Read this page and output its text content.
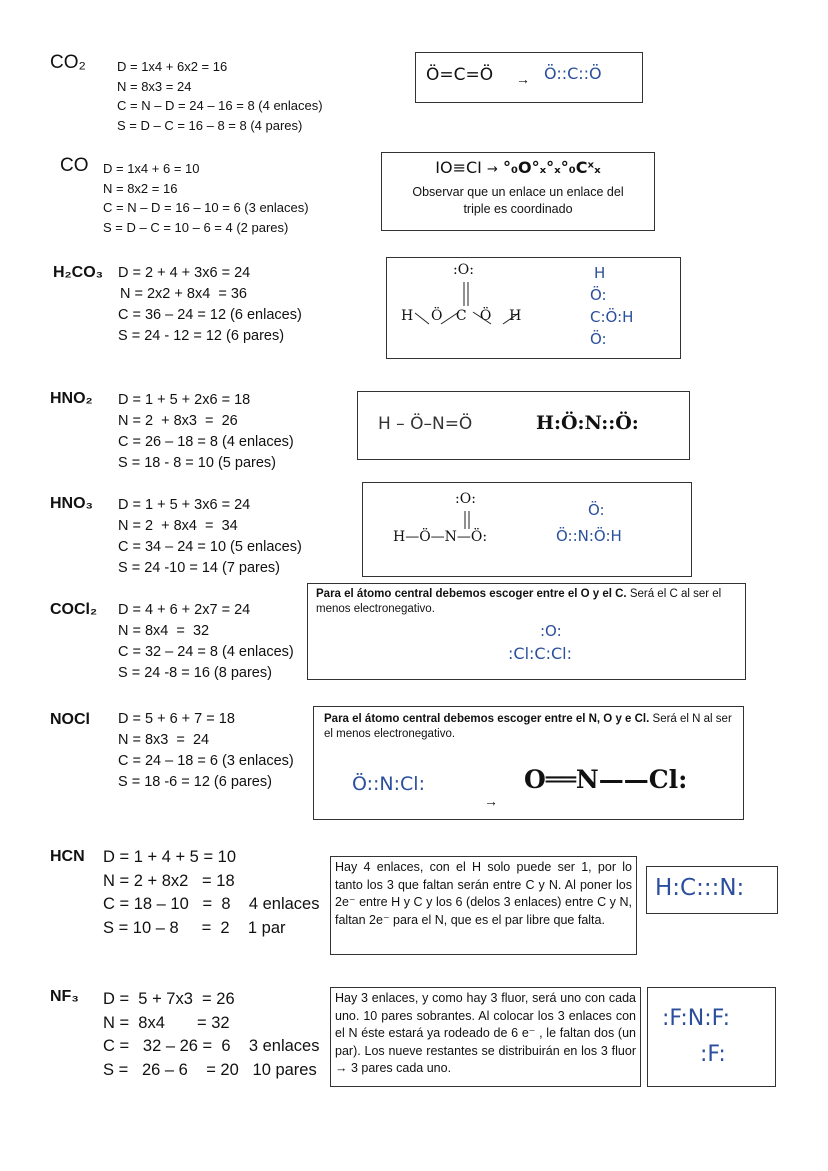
CO₂ D = 1x4 + 6x2 = 16
N = 8x3 = 24
C = N – D = 24 – 16 = 8 (4 enlaces)
S = D – C = 16 – 8 = 8 (4 pares)
Ö=C=Ö → Ö::C::Ö
CO D = 1x4 + 6 = 10
N = 8x2 = 16
C = N – D = 16 – 10 = 6 (3 enlaces)
S = D – C = 10 – 6 = 4 (2 pares)
IO≡CI → °₀O°ₓ°ₓ°₀Cˣₓ
Observar que un enlace un enlace del triple es coordinado
H₂CO₃ D = 2 + 4 + 3x6 = 24
N = 2x2 + 8x4  = 36
C = 36 – 24 = 12 (6 enlaces)
S = 24 - 12 = 12 (6 pares)
:O:
H    Ö   C   Ö    H
H
Ö:
C:Ö:H
Ö:
HNO₂ D = 1 + 5 + 2x6 = 18
N = 2  + 8x3  =  26
C = 26 – 18 = 8 (4 enlaces)
S = 18 - 8 = 10 (5 pares)
H – Ö–N=Ö	H:Ö:N::Ö:
HNO₃ D = 1 + 5 + 3x6 = 24
N = 2  + 8x4  =  34
C = 34 – 24 = 10 (5 enlaces)
S = 24 -10 = 14 (7 pares)
:O:
H—Ö—N—Ö:
Ö:
Ö::N:Ö:H
COCl₂ D = 4 + 6 + 2x7 = 24
N = 8x4  =  32
C = 32 – 24 = 8 (4 enlaces)
S = 24 -8 = 16 (8 pares)
Para el átomo central debemos escoger entre el O y el C. Será el C al ser el menos electronegativo.
:O:
:Cl:C:Cl:
NOCl D = 5 + 6 + 7 = 18
N = 8x3  =  24
C = 24 – 18 = 6 (3 enlaces)
S = 18 -6 = 12 (6 pares)
Para el átomo central debemos escoger entre el N, O y e Cl. Será el N al ser el menos electronegativo.
Ö::N:Cl:
→
O══N——Cl:
HCN D = 1 + 4 + 5 = 10
N = 2 + 8x2   = 18
C = 18 – 10   =  8    4 enlaces
S = 10 – 8     =  2    1 par
Hay 4 enlaces, con el H solo puede ser 1, por lo tanto los 3 que faltan serán entre C y N. Al poner los 2e⁻ entre H y C y los 6 (delos 3 enlaces) entre C y N, faltan 2e⁻ para el N, que es el par libre que falta.
H:C:::N:
NF₃ D =  5 + 7x3  = 26
N =  8x4       = 32
C =   32 – 26 =  6    3 enlaces
S =   26 – 6    = 20   10 pares
Hay 3 enlaces, y como hay 3 fluor, será uno con cada uno. 10 pares sobrantes. Al colocar los 3 enlaces con el N éste estará ya rodeado de 6 e⁻ , le faltan dos (un par). Los nueve restantes se distribuirán en los 3 fluor → 3 pares cada uno.
:F:N:F:
:F:
